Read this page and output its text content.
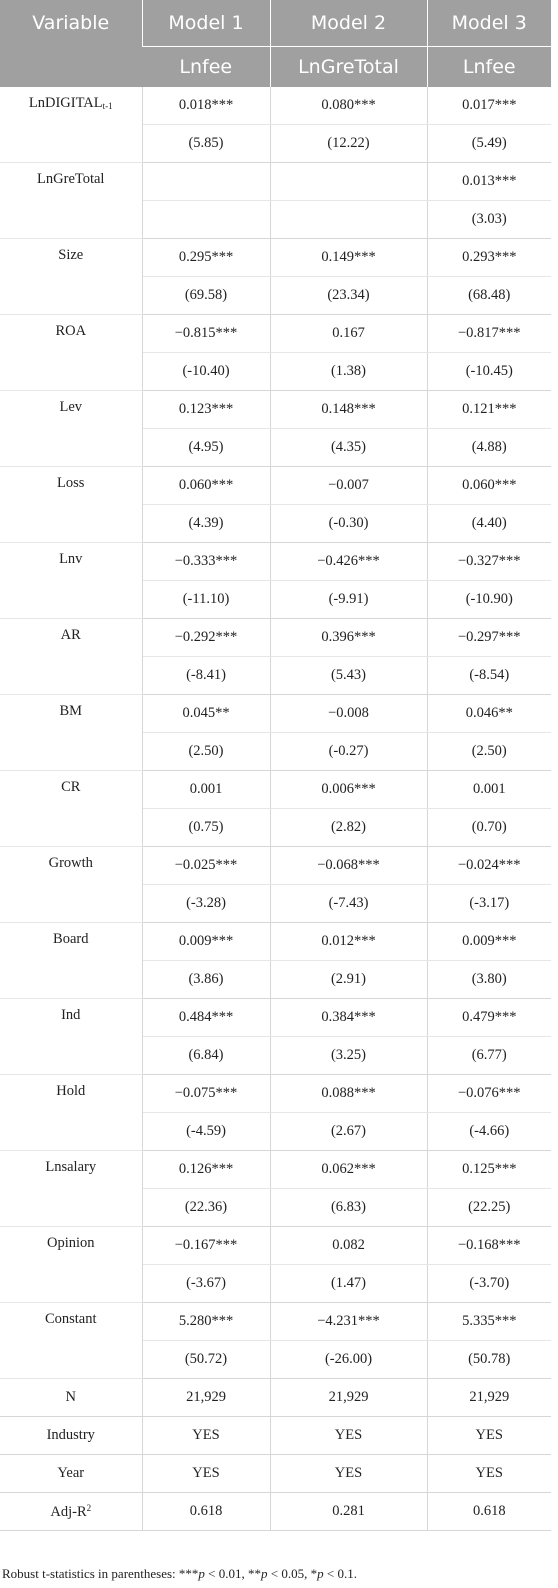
Variable	Model 1	Model 2	Model 3
	Lnfee	LnGreTotal	Lnfee
LnDIGITAL$_{t-1}$	0.018***	0.080***	0.017***
	(5.85)	(12.22)	(5.49)
LnGreTotal			0.013***
			(3.03)
Size	0.295***	0.149***	0.293***
	(69.58)	(23.34)	(68.48)
ROA	−0.815***	0.167	−0.817***
	(-10.40)	(1.38)	(-10.45)
Lev	0.123***	0.148***	0.121***
	(4.95)	(4.35)	(4.88)
Loss	0.060***	−0.007	0.060***
	(4.39)	(-0.30)	(4.40)
Lnv	−0.333***	−0.426***	−0.327***
	(-11.10)	(-9.91)	(-10.90)
AR	−0.292***	0.396***	−0.297***
	(-8.41)	(5.43)	(-8.54)
BM	0.045**	−0.008	0.046**
	(2.50)	(-0.27)	(2.50)
CR	0.001	0.006***	0.001
	(0.75)	(2.82)	(0.70)
Growth	−0.025***	−0.068***	−0.024***
	(-3.28)	(-7.43)	(-3.17)
Board	0.009***	0.012***	0.009***
	(3.86)	(2.91)	(3.80)
Ind	0.484***	0.384***	0.479***
	(6.84)	(3.25)	(6.77)
Hold	−0.075***	0.088***	−0.076***
	(-4.59)	(2.67)	(-4.66)
Lnsalary	0.126***	0.062***	0.125***
	(22.36)	(6.83)	(22.25)
Opinion	−0.167***	0.082	−0.168***
	(-3.67)	(1.47)	(-3.70)
Constant	5.280***	−4.231***	5.335***
	(50.72)	(-26.00)	(50.78)
N	21,929	21,929	21,929
Industry	YES	YES	YES
Year	YES	YES	YES
Adj-$R^2$	0.618	0.281	0.618
Robust t-statistics in parentheses: ***p < 0.01, **p < 0.05, *p < 0.1.
